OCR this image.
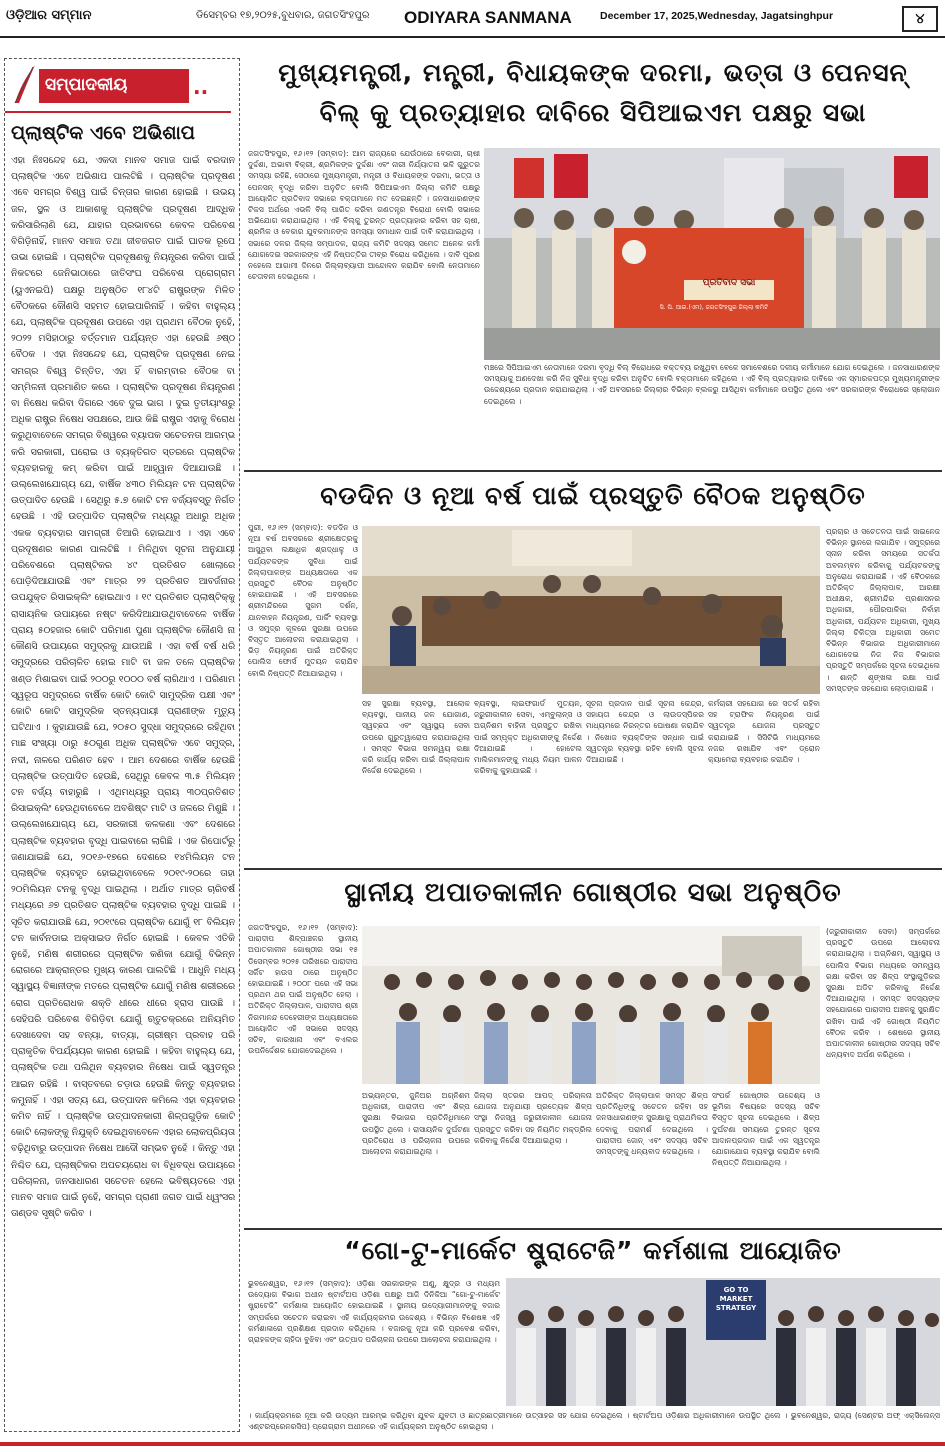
ଓଡ଼ିଆର ସମ୍ମାନ	ଡିସେମ୍ବର ୧୭,୨୦୨୫,ବୁଧବାର, ଜଗତସିଂହପୁର ODIYARA SANMANA	December 17, 2025,Wednesday, Jagatsinghpur	୪
ସମ୍ପାଦକୀୟ	..
ପ୍ଲାଷ୍ଟିକ ଏବେ ଅଭିଶାପ
ଏହା ନିଃସନ୍ଦେହ ଯେ, ଏକଦା ମାନବ ସମାଜ ପାଇଁ ବରଦାନ ପ୍ଲାଷ୍ଟିକ ଏବେ ଅଭିଶାପ ପାଲଟିଛି । ପ୍ଲାଷ୍ଟିକ ପ୍ରଦୂଷଣ ଏବେ ସମଗ୍ର ବିଶ୍ୱ ପାଇଁ ଚିନ୍ତାର କାରଣ ହୋଇଛି । ଉଭୟ ଜଳ, ସ୍ଥଳ ଓ ଆକାଶକୁ ପ୍ଲାଷ୍ଟିକ ପ୍ରଦୂଷଣ ଆଦ୍ଧିକ କରିସାରିଲାଣି ଯେ, ଯାହାର ପ୍ରଭାବରେ କେବଳ ପରିବେଶ ବିଗିଡ଼ିନାହିଁ, ମାନବ ସମାଜ ତଥା ଜୀବଜଗତ ପାଇଁ ଘାତକ ରୂପେ ଉଭା ହୋଇଛି । ପ୍ଲାଷ୍ଟିକ ପ୍ରଦୂଷଣକୁ ନିୟନ୍ତ୍ରଣ କରିବା ପାଇଁ ନିକଟରେ ଜେନିଭାଠାରେ ଜାତିସଂଘ ପରିବେଶ ପ୍ରୋଗ୍ରାମ (ୟୁଏନଇପି) ପକ୍ଷରୁ ଅନୁଷ୍ଠିତ ୧୮୪ଟି ରାଷ୍ଟ୍ରଙ୍କ ମିଳିତ ବୈଠକରେ କୌଣସି ସହମତ ହୋଇପାରିନାହିଁ । କହିବା ବାହୁଲ୍ୟ ଯେ, ପ୍ଲାଷ୍ଟିକ ପ୍ରଦୂଷଣ ଉପରେ ଏହା ପ୍ରଥମ ବୈଠକ ନୁହେଁ, ୨୦୨୨ ମସିହାଠାରୁ ବର୍ତ୍ତମାନ ପର୍ଯ୍ୟନ୍ତ ଏହା ହେଉଛି ୬ଷ୍ଠ ବୈଠକ । ଏହା ନିଃସନ୍ଦେହ ଯେ, ପ୍ଲାଷ୍ଟିକ ପ୍ରଦୂଷଣ ନେଇ ସମଗ୍ର ବିଶ୍ୱ ଚିନ୍ତିତ, ଏହା ହିଁ ବାରମ୍ବାର ବୈଠକ ବା ସମ୍ମିଳନୀ ପ୍ରମାଣିତ କରେ । ପ୍ଲାଷ୍ଟିକ ପ୍ରଦୂଷଣ ନିୟନ୍ତ୍ରଣ ବା ନିଷେଧ କରିବା ଦିଗରେ ଏବେ ଦୁଇ ଭାଗ । ଦୁଇ ତୃତୀୟାଂଶରୁ ଅଧିକ ରାଷ୍ଟ୍ର ନିଷେଧ ସପକ୍ଷରେ, ଆଉ କିଛି ରାଷ୍ଟ୍ର ଏହାକୁ ବିରୋଧ କରୁଥିବାବେଳେ ସମଗ୍ର ବିଶ୍ୱରେ ବ୍ୟାପକ ସଚେତନତା ଆରମ୍ଭ କରି ସରକାରୀ, ଘରୋଇ ଓ ବ୍ୟକ୍ତିଗତ ସ୍ତରରେ ପ୍ଲାଷ୍ଟିକ ବ୍ୟବହାରକୁ କମ୍ କରିବା ପାଇଁ ଆହ୍ୱାନ ଦିଆଯାଉଛି । ଉଲ୍ଲେଖଯୋଗ୍ୟ ଯେ, ବାର୍ଷିକ ୪୩୦ ମିଲିୟନ ଟନ ପ୍ଲାଷ୍ଟିକ ଉତ୍ପାଦିତ ହେଉଛି । ସେଥିରୁ ୫.୭ କୋଟି ଟନ ବର୍ଜ୍ୟବସ୍ତୁ ନିର୍ଗତ ହେଉଛି । ଏହି ଉତ୍ପାଦିତ ପ୍ଲାଷ୍ଟିକ ମଧ୍ୟରୁ ଅଧାରୁ ଅଧିକ ଏକକ ବ୍ୟବହାର ସାମଗ୍ରୀ ତିଆରି ହୋଇଥାଏ । ଏହା ଏବେ ପ୍ରଦୂଷଣର କାରଣ ପାଲଟିଛି । ମିଳିଥିବା ସୂଚନା ଅନୁଯାୟୀ ପରିବେଶରେ ପ୍ଲାଷ୍ଟିକର ୪୯ ପ୍ରତିଶତ ଖୋଲାରେ ପୋଡ଼ିଦିଆଯାଉଛି ଏବଂ ମାତ୍ର ୨୨ ପ୍ରତିଶତ ଆବର୍ଜନାର ଉପଯୁକ୍ତ ରିସାଇକ୍ଲିଂ ହୋଇଥାଏ । ୧୯ ପ୍ରତିଶତ ପ୍ଲାଷ୍ଟିକ୍‌କୁ ରାସାୟନିକ ଉପାୟରେ ନଷ୍ଟ କରିଦିଆଯାଉଥିବାବେଳେ ବାର୍ଷିକ ପ୍ରାୟ ୫୦ହଜାର କୋଟି ପରିମାଣ ପୁଣା ପ୍ଲାଷ୍ଟିକ କୌଣସି ନା କୌଣସି ଉପାୟରେ ସମୁଦ୍ରକୁ ଯାଉଅଛି । ଏହା ବର୍ଷ ବର୍ଷ ଧରି ସମୁଦ୍ରରେ ପରିଚାଳିତ ହୋଇ ମାଟି ବା ଜଳ ତଳେ ପ୍ଲାଷ୍ଟିକ ଖଣ୍ଡ ମିଶାଇବା ପାଇଁ ୨୦୦ରୁ ୧୦୦୦ ବର୍ଷ ଲାଗିଥାଏ । ପରିଣାମ ସ୍ୱରୂପ ସମୁଦ୍ରରେ ବାର୍ଷିକ କୋଟି କୋଟି ସାମୁଦ୍ରିକ ପକ୍ଷୀ ଏବଂ କୋଟି କୋଟି ସାମୁଦ୍ରିକ ସ୍ତନ୍ୟପାୟୀ ପ୍ରାଣୀଙ୍କ ମୃତ୍ୟୁ ଘଟିଥାଏ । କୁହାଯାଉଛି ଯେ, ୨୦୫୦ ସୁଦ୍ଧା ସମୁଦ୍ରରେ ରହିଥିବା ମାଛ ସଂଖ୍ୟା ଠାରୁ ୫୦ଗୁଣ ଅଧିକ ପ୍ଲାଷ୍ଟିକ ଏବେ ସମୁଦ୍ର, ନଦୀ, ନାଳରେ ପରିଣତ ହେବ । ଆମ ଦେଶରେ ବାର୍ଷିକ ହେଉଛି ପ୍ଲାଷ୍ଟିକ ଉତ୍ପାଦିତ ହେଉଛି, ସେଥିରୁ କେବଳ ୩.୫ ମିଲିୟନ ଟନ ବର୍ଜ୍ୟ ବାହାରୁଛି । ଏଥିମଧ୍ୟରୁ ପ୍ରାୟ ୩୦ପ୍ରତିଶତ ରିସାଇକ୍ଲିଂ ହେଉଥିବାବେଳେ ଅବଶିଷ୍ଟ ମାଟି ଓ ଜଳରେ ମିଶୁଛି । ଉଲ୍ଲେଖଯୋଗ୍ୟ ଯେ, ସରକାରୀ କଳକଣା ଏବଂ ଦେଶରେ ପ୍ଲାଷ୍ଟିକ ବ୍ୟବହାର ବୃଦ୍ଧି ପାଇବାରେ ଲାଗିଛି । ଏକ ରିପୋର୍ଟରୁ ଜଣାଯାଇଛି ଯେ, ୨୦୧୬-୧୭ରେ ଦେଶରେ ୧୪ମିଲିୟନ ଟନ ପ୍ଲାଷ୍ଟିକ ବ୍ୟବହୃତ ହୋଇଥିବାବେଳେ ୨୦୧୯-୨୦ରେ ତାହା ୨୦ମିଲିୟନ ଟନକୁ ବୃଦ୍ଧି ପାଇଥିଲା । ଅର୍ଥାତ ମାତ୍ର ଚାରିବର୍ଷ ମଧ୍ୟରେ ୬୭ ପ୍ରତିଶତ ପ୍ଲାଷ୍ଟିକ ବ୍ୟବହାର ବୃଦ୍ଧି ପାଇଛି । ସୂଚିତ କରାଯାଉଛି ଯେ, ୨୦୧୯ରେ ପ୍ଲାଷ୍ଟିକ ଯୋଗୁଁ ୧୮ ବିଲିୟନ ଟନ କାର୍ବନଡାଇ ଅକ୍ସାଇଡ ନିର୍ଗତ ହୋଇଛି । କେବଳ ଏତିକି ନୁହେଁ, ମଣିଷ ଶରୀରରେ ପ୍ଲାଷ୍ଟିକ କଣିକା ଯୋଗୁଁ ବିଭିନ୍ନ ରୋଗରେ ଆକ୍ରାନ୍ତର ମୁଖ୍ୟ କାରଣ ପାଲଟିଛି । ଆଧୁନି ମଧ୍ୟ ସ୍ୱାସ୍ଥ୍ୟ ବିଜ୍ଞାନୀଙ୍କ ମତରେ ପ୍ଲାଷ୍ଟିକ ଯୋଗୁଁ ମଣିଷ ଶରୀରରେ ରୋଗ ପ୍ରତିରୋଧକ ଶକ୍ତି ଧୀରେ ଧୀରେ ହ୍ରାସ ପାଉଛି । ସେହିପରି ପରିବେଶ ବିଗିଡ଼ିବା ଯୋଗୁଁ ଋତୁଚକ୍ରରେ ଅନିୟମିତ ଦେଖାଦେବା ସହ ବନ୍ୟା, ବାତ୍ୟା, ଗ୍ରୀଷ୍ମ ପ୍ରବାହ ପରି ପ୍ରାକୃତିକ ବିପର୍ଯ୍ୟୟର କାରଣ ହୋଇଛି । କହିବା ବାହୁଲ୍ୟ ଯେ, ପ୍ଲାଷ୍ଟିକ ତଥା ପଲିଥିନ ବ୍ୟବହାର ନିଷେଧ ପାଇଁ ସ୍ୱତନ୍ତ୍ର ଆଇନ ରହିଛି । ବାସ୍ତବରେ ଚଡ଼ାଉ ହେଉଛି କିନ୍ତୁ ବ୍ୟବହାର କମୁନାହିଁ । ଏହା ସତ୍ୟ ଯେ, ଉତ୍ପାଦନ କମିଲେ ଏହା ବ୍ୟବହାର କମିବ ନାହିଁ । ପ୍ଲାଷ୍ଟିକ ଉତ୍ପାଦନକାରୀ ଶିଳ୍ପଗୁଡ଼ିକ କୋଟି କୋଟି ଲୋକଙ୍କୁ ନିଯୁକ୍ତି ଦେଇଥିବାବେଳେ ଏହାର ଲୋକପ୍ରିୟତା ବଢ଼ିଥିବାରୁ ଉତ୍ପାଦନ ନିଷେଧ ଆଦୌ ସମ୍ଭବ ନୁହେଁ । କିନ୍ତୁ ଏହା ନିଶ୍ଚିତ ଯେ, ପ୍ଲାଷ୍ଟିକର ଅପଚୟରୋଧ ବା ବିଧିବଦ୍ଧ ଉପାୟରେ ପରିଚାଳନା, ଜନସାଧାରଣ ସଚେତନ ହେଲେ ଭବିଷ୍ୟତରେ ଏହା ମାନବ ସମାଜ ପାଇଁ ନୁହେଁ, ସମଗ୍ର ପ୍ରାଣୀ ଜଗତ ପାଇଁ ଧ୍ୱଂସର ତାଣ୍ଡବ ସୃଷ୍ଟି କରିବ ।
ମୁଖ୍ୟମନ୍ତ୍ରୀ, ମନ୍ତ୍ରୀ, ବିଧାୟକଙ୍କ ଦରମା, ଭତ୍ତା ଓ ପେନସନ୍
ବିଲ୍ କୁ ପ୍ରତ୍ୟାହାର ଦାବିରେ ସିପିଆଇଏମ ପକ୍ଷରୁ ସଭା
ଜଗତସିଂହପୁର, ୧୬।୧୨ (ସମ୍ବାଦ): ଆମ ରାଜ୍ୟରେ ଯେଉଁଠାରେ ବେକାରୀ, ଚାଷୀ ଦୁର୍ଦ୍ଦଶା, ଅଭାବୀ ବିକ୍ରୀ, ଶ୍ରମିକଙ୍କ ଦୁର୍ଦ୍ଦଶା ଏବଂ ନାରୀ ନିର୍ଯ୍ୟାତନା ଭଳି ଗୁରୁତର ସମସ୍ୟା ରହିଛି, ସେଠାରେ ମୁଖ୍ୟମନ୍ତ୍ରୀ, ମନ୍ତ୍ରୀ ଓ ବିଧାୟକଙ୍କ ଦରମା, ଭତ୍ତା ଓ ପେନସନ୍ ବୃଦ୍ଧି କରିବା ଅନୁଚିତ ବୋଲି ସିପିଆଇଏମ ଜିଲ୍ଲା କମିଟି ପକ୍ଷରୁ ଆୟୋଜିତ ପ୍ରତିବାଦ ସଭାରେ ବକ୍ତାମାନେ ମତ ଦେଇଛନ୍ତି । ଜନସାଧାରଣଙ୍କ ଟିକସ ଅର୍ଥରେ ଏଭଳି ବିଲ୍ ପାରିତ କରିବା ଗଣତନ୍ତ୍ର ବିରୋଧୀ ବୋଲି ସଭାରେ ଅଭିଯୋଗ କରାଯାଇଥିଲା । ଏହି ବିଲ୍‌କୁ ତୁରନ୍ତ ପ୍ରତ୍ୟାହାର କରିବା ସହ ଚାଷୀ, ଶ୍ରମିକ ଓ ବେକାର ଯୁବକମାନଙ୍କ ସମସ୍ୟା ସମାଧାନ ପାଇଁ ଦାବି କରାଯାଇଥିଲା । ସଭାରେ ଦଳର ଜିଲ୍ଲା ସମ୍ପାଦକ, ରାଜ୍ୟ କମିଟି ସଦସ୍ୟ ସମେତ ଅନେକ କର୍ମୀ ଯୋଗଦେଇ ସରକାରଙ୍କ ଏହି ନିଷ୍ପତ୍ତିର ତୀବ୍ର ବିରୋଧ କରିଥିଲେ । ଦାବି ପୂରଣ ନହେଲେ ଆଗାମୀ ଦିନରେ ଜିଲ୍ଲାବ୍ୟାପୀ ଆନ୍ଦୋଳନ କରାଯିବ ବୋଲି ନେତାମାନେ ଚେତାବନୀ ଦେଇଥିଲେ ।
ପ୍ରତିବାଦ ସଭା
ସି. ପି. ଆଇ.(ଏମ), ଜଗତସିଂହପୁର ଜିଲ୍ଲା କମିଟି
ମଞ୍ଚରେ ସିପିଆଇଏମ ନେତାମାନେ ଦରମା ବୃଦ୍ଧି ବିଲ୍ ବିରୋଧରେ ବକ୍ତବ୍ୟ ରଖୁଥିବା ବେଳେ ସମାବେଶରେ ଦଳୀୟ କର୍ମୀମାନେ ଯୋଗ ଦେଇଥିଲେ । ଜନସାଧାରଣଙ୍କ ସମସ୍ୟାକୁ ଅଣଦେଖା କରି ନିଜ ସୁବିଧା ବୃଦ୍ଧି କରିବା ଅନୁଚିତ ବୋଲି ବକ୍ତାମାନେ କହିଥିଲେ । ଏହି ବିଲ୍ ପ୍ରତ୍ୟାହାର ଦାବିରେ ଏକ ସ୍ମାରକପତ୍ର ମୁଖ୍ୟମନ୍ତ୍ରୀଙ୍କ ଉଦ୍ଦେଶ୍ୟରେ ପ୍ରଦାନ କରାଯାଇଥିଲା । ଏହି ଅବସରରେ ଜିଲ୍ଲାର ବିଭିନ୍ନ ବ୍ଲକରୁ ଆସିଥିବା କର୍ମୀମାନେ ଉପସ୍ଥିତ ଥିଲେ ଏବଂ ସରକାରଙ୍କ ବିରୋଧରେ ସ୍ଲୋଗାନ ଦେଇଥିଲେ ।
ବଡଦିନ ଓ ନୂଆ ବର୍ଷ ପାଇଁ ପ୍ରସ୍ତୁତି ବୈଠକ ଅନୁଷ୍ଠିତ
ପୁରୀ, ୧୬।୧୨ (ସମ୍ବାଦ): ବଡଦିନ ଓ ନୂଆ ବର୍ଷ ଅବସରରେ ଶ୍ରୀକ୍ଷେତ୍ରକୁ ଆସୁଥିବା ଲକ୍ଷାଧିକ ଶ୍ରଦ୍ଧାଳୁ ଓ ପର୍ଯ୍ୟଟକଙ୍କ ସୁବିଧା ପାଇଁ ଜିଲ୍ଲାପାଳଙ୍କ ଅଧ୍ୟକ୍ଷତାରେ ଏକ ପ୍ରସ୍ତୁତି ବୈଠକ ଅନୁଷ୍ଠିତ ହୋଇଯାଇଛି । ଏହି ଅବସରରେ ଶ୍ରୀମନ୍ଦିରରେ ସୁଗମ ଦର୍ଶନ, ଯାନବାହନ ନିୟନ୍ତ୍ରଣ, ପାର୍କିଂ ବ୍ୟବସ୍ଥା ଓ ସମୁଦ୍ର କୂଳରେ ସୁରକ୍ଷା ଉପରେ ବିସ୍ତୃତ ଆଲୋଚନା କରାଯାଇଥିଲା । ଭିଡ଼ ନିୟନ୍ତ୍ରଣ ପାଇଁ ଅତିରିକ୍ତ ପୋଲିସ ଫୋର୍ସ ମୁତୟନ କରାଯିବ ବୋଲି ନିଷ୍ପତ୍ତି ନିଆଯାଇଥିଲା ।
ସହ ସୁରକ୍ଷା ବ୍ୟବସ୍ଥା, ଆଲୋକ ବ୍ୟବସ୍ଥା, ପାନୀୟ ଜଳ ଯୋଗାଣ, ସ୍ୱଚ୍ଛତା ଏବଂ ସ୍ୱାସ୍ଥ୍ୟ ସେବା ଉପରେ ଗୁରୁତ୍ୱାରୋପ କରାଯାଇଥିଲା । ସମସ୍ତ ବିଭାଗ ସମନ୍ୱୟ ରକ୍ଷା କରି କାର୍ଯ୍ୟ କରିବା ପାଇଁ ଜିଲ୍ଲାପାଳ ନିର୍ଦ୍ଦେଶ ଦେଇଥିଲେ ।
ବ୍ୟବସ୍ଥା, ଲାଇଫଗାର୍ଡ ମୁତୟନ, ଜରୁରୀକାଳୀନ ସେବା, ଏମ୍ବୁଲାନ୍ସ ଓ ଅଗ୍ନିଶମ ବାହିନୀ ପ୍ରସ୍ତୁତ ରଖିବା ପାଇଁ ସମ୍ପୃକ୍ତ ଅଧିକାରୀଙ୍କୁ ନିର୍ଦ୍ଦେଶ ଦିଆଯାଇଛି । ହୋଟେଲ ମାଲିକମାନଙ୍କୁ ମଧ୍ୟ ନିୟମ ପାଳନ କରିବାକୁ କୁହାଯାଇଛି ।
ସୂଚନା ପ୍ରଦାନ ପାଇଁ ସୂଚନା କେନ୍ଦ୍ର, ସହାୟତା କେନ୍ଦ୍ର ଓ ଲାଉଡସ୍ପିକର ମାଧ୍ୟମରେ ନିରନ୍ତର ଘୋଷଣା କରାଯିବ । ନିଖୋଜ ବ୍ୟକ୍ତିଙ୍କ ସନ୍ଧାନ ପାଇଁ ସ୍ୱତନ୍ତ୍ର ବ୍ୟବସ୍ଥା ରହିବ ବୋଲି ସୂଚନା ଦିଆଯାଇଛି ।
କର୍ମଚାରୀ ସହଯୋଗ ରେ ସତର୍କ ରହିବା ସହ ଟ୍ରାଫିକ ନିୟନ୍ତ୍ରଣ ପାଇଁ ସ୍ୱତନ୍ତ୍ର ଯୋଜନା ପ୍ରସ୍ତୁତ କରାଯାଇଛି । ସିସିଟିଭି ମାଧ୍ୟମରେ ନଜର ରଖାଯିବ ଏବଂ ଡ୍ରୋନ କ୍ୟାମେରା ବ୍ୟବହାର କରାଯିବ ।
ପ୍ରଚାର ଓ ସଚେତନତା ପାଇଁ ସାଇନେଜ ବିଭିନ୍ନ ସ୍ଥାନରେ ଲଗାଯିବ । ସମୁଦ୍ରରେ ସ୍ନାନ କରିବା ସମୟରେ ସତର୍କତା ଅବଲମ୍ବନ କରିବାକୁ ପର୍ଯ୍ୟଟକଙ୍କୁ ଅନୁରୋଧ କରାଯାଇଛି । ଏହି ବୈଠକରେ ଅତିରିକ୍ତ ଜିଲ୍ଲାପାଳ, ଆରକ୍ଷୀ ଅଧୀକ୍ଷକ, ଶ୍ରୀମନ୍ଦିର ପ୍ରଶାସନର ଅଧିକାରୀ, ପୌରପାଳିକା ନିର୍ବାହୀ ଅଧିକାରୀ, ପର୍ଯ୍ୟଟନ ଅଧିକାରୀ, ମୁଖ୍ୟ ଜିଲ୍ଲା ଚିକିତ୍ସା ଅଧିକାରୀ ସମେତ ବିଭିନ୍ନ ବିଭାଗର ଅଧିକାରୀମାନେ ଯୋଗଦେଇ ନିଜ ନିଜ ବିଭାଗର ପ୍ରସ୍ତୁତି ସମ୍ପର୍କରେ ସୂଚନା ଦେଇଥିଲେ । ଶାନ୍ତି ଶୃଙ୍ଖଳା ରକ୍ଷା ପାଇଁ ସମସ୍ତଙ୍କ ସହଯୋଗ ଲୋଡ଼ାଯାଇଛି ।
ସ୍ଥାନୀୟ ଅପାତକାଳୀନ ଗୋଷ୍ଠୀର ସଭା ଅନୁଷ୍ଠିତ
ଜଗତସିଂହପୁର, ୧୬।୧୨ (ସମ୍ବାଦ): ପାରାଦୀପ ଶିଳ୍ପାଞ୍ଚଳର ସ୍ଥାନୀୟ ଅପାତକାଳୀନ ଗୋଷ୍ଠୀର ସଭା ୧୫ ଡିସେମ୍ବର ୨୦୨୫ ତାରିଖରେ ପାରାଦୀପ ସର୍କିଟ ହାଉସ ଠାରେ ଅନୁଷ୍ଠିତ ହୋଇଯାଇଛି । ୨୦୦୮ ପରେ ଏହି ସଭା ପ୍ରଥମ ଥର ପାଇଁ ଅନୁଷ୍ଠିତ ହେଲା । ଅତିରିକ୍ତ ଜିଲ୍ଲାପାଳ, ପାରାଦୀପ ଶ୍ରୀ ନିଗମାନନ୍ଦ ଦେହେରୀଙ୍କ ଅଧ୍ୟକ୍ଷତାରେ ଆୟୋଜିତ ଏହି ସଭାରେ ସଦସ୍ୟ ସଚିବ, କାରଖାନା ଏବଂ ବଏଲର ଉପନିର୍ଦ୍ଦେଶକ ଯୋଗଦେଇଥିଲେ ।
ଅଭ୍ୟନ୍ତର, ଜୁନିଅର ଅଗ୍ନିଶମ ଅଧିକାରୀ, ପାରାଦୀପ ଏବଂ ଶିଳ୍ପ ସୁରକ୍ଷା ବିଭାଗର ପ୍ରତିନିଧିମାନେ ଉପସ୍ଥିତ ଥିଲେ । ରାସାୟନିକ ଦୁର୍ଘଟଣା ପ୍ରତିରୋଧ ଓ ପରିଚାଳନା ଉପରେ ଆଲୋଚନା କରାଯାଇଥିଲା ।
ଜିଲ୍ଲା ସ୍ତରର ଆପଦ୍ ପରିଚାଳନା ଯୋଜନା ଅନୁଯାୟୀ ପ୍ରତ୍ୟେକ ଶିଳ୍ପ ସଂସ୍ଥା ନିଜସ୍ୱ ଜରୁରୀକାଳୀନ ଯୋଜନା ପ୍ରସ୍ତୁତ କରିବା ସହ ନିୟମିତ ମକ୍‌ଡ୍ରିଲ କରିବାକୁ ନିର୍ଦ୍ଦେଶ ଦିଆଯାଇଥିଲା ।
ଅତିରିକ୍ତ ଜିଲ୍ଲାପାଳ ସମସ୍ତ ଶିଳ୍ପ ପ୍ରତିନିଧିଙ୍କୁ ସଚେତନ ରହିବା ସହ ଜନସାଧାରଣଙ୍କ ସୁରକ୍ଷାକୁ ପ୍ରାଥମିକତା ଦେବାକୁ ପରାମର୍ଶ ଦେଇଥିଲେ । ପାରାଦୀପ ଜୋନ୍ ଏବଂ ସଦସ୍ୟ ସଚିବ ସମସ୍ତଙ୍କୁ ଧନ୍ୟବାଦ ଦେଇଥିଲେ ।
ସଂପର୍କ ଗୋଷ୍ଠୀର ଉଦ୍ଦେଶ୍ୟ ଓ ଭୂମିକା ବିଷୟରେ ସଦସ୍ୟ ସଚିବ ବିସ୍ତୃତ ସୂଚନା ଦେଇଥିଲେ । ଶିଳ୍ପ ଦୁର୍ଘଟଣା ସମୟରେ ତୁରନ୍ତ ସୂଚନା ଆଦାନପ୍ରଦାନ ପାଇଁ ଏକ ସ୍ୱତନ୍ତ୍ର ଯୋଗାଯୋଗ ବ୍ୟବସ୍ଥା କରାଯିବ ବୋଲି ନିଷ୍ପତ୍ତି ନିଆଯାଇଥିଲା ।
(ଜରୁରୀକାଳୀନ ସେବା) ସମ୍ପର୍କରେ ପ୍ରସ୍ତୁତି ଉପରେ ଆଲୋଚନା କରାଯାଇଥିଲା । ଅଗ୍ନିଶମ, ସ୍ୱାସ୍ଥ୍ୟ ଓ ପୋଲିସ ବିଭାଗ ମଧ୍ୟରେ ସମନ୍ୱୟ ରକ୍ଷା କରିବା ସହ ଶିଳ୍ପ ସଂସ୍ଥାଗୁଡ଼ିକର ସୁରକ୍ଷା ଅଡିଟ କରିବାକୁ ନିର୍ଦ୍ଦେଶ ଦିଆଯାଇଥିଲା । ସମସ୍ତ ସଦସ୍ୟଙ୍କ ସହଯୋଗରେ ପାରାଦୀପ ଅଞ୍ଚଳକୁ ସୁରକ୍ଷିତ ରଖିବା ପାଇଁ ଏହି ଗୋଷ୍ଠୀ ନିୟମିତ ବୈଠକ କରିବ । ଶେଷରେ ସ୍ଥାନୀୟ ଅପାତକାଳୀନ ଗୋଷ୍ଠୀର ସଦସ୍ୟ ସଚିବ ଧନ୍ୟବାଦ ଅର୍ପଣ କରିଥିଲେ ।
“ଗୋ-ଟୁ-ମାର୍କେଟ ଷ୍ଟ୍ରାଟେଜି” କର୍ମଶାଳା ଆୟୋଜିତ
ଭୁବନେଶ୍ୱର, ୧୬।୧୨ (ସମ୍ବାଦ): ଓଡ଼ିଶା ସରକାରଙ୍କ ଅଣୁ, କ୍ଷୁଦ୍ର ଓ ମଧ୍ୟମ ଉଦ୍ୟୋଗ ବିଭାଗ ଅଧୀନ ଷ୍ଟାର୍ଟଅପ ଓଡ଼ିଶା ପକ୍ଷରୁ ଆଜି ଦିନିକିଆ “ଗୋ-ଟୁ-ମାର୍କେଟ ଷ୍ଟ୍ରାଟେଜି” କର୍ମଶାଳା ଆୟୋଜିତ ହୋଇଯାଇଛି । ସ୍ଥାନୀୟ ଉଦ୍ୟୋଗୀମାନଙ୍କୁ ବଜାର ସମ୍ପର୍କରେ ସଚେତନ କରାଇବା ଏହି କାର୍ଯ୍ୟକ୍ରମର ଉଦ୍ଦେଶ୍ୟ । ବିଭିନ୍ନ ବିଶେଷଜ୍ଞ ଏହି କର୍ମଶାଳାରେ ପ୍ରଶିକ୍ଷଣ ପ୍ରଦାନ କରିଥିଲେ । ବଜାରକୁ ନୂଆ କରି ପ୍ରବେଶ କରିବା, ଗ୍ରାହକଙ୍କ ଚାହିଦା ବୁଝିବା ଏବଂ ଉତ୍ପାଦ ପରିଚାଳନା ଉପରେ ଆଲୋଚନା କରାଯାଇଥିଲା ।
GO TO MARKET STRATEGY
। କାର୍ଯ୍ୟକ୍ରମରେ ନୂଆ କରି ଉଦ୍ୟମ ଆରମ୍ଭ କରିଥିବା ଯୁବକ ଯୁବତୀ ଓ ଛାତ୍ରଛାତ୍ରୀମାନେ ଉତ୍ସାହର ସହ ଯୋଗ ଦେଇଥିଲେ । ଷ୍ଟାର୍ଟଅପ ଓଡ଼ିଶାର ଅଧିକାରୀମାନେ ଉପସ୍ଥିତ ଥିଲେ । ଭୁବନେଶ୍ୱର, ରାଜ୍ୟ (ସେଣ୍ଟର ଅଫ୍ ଏକ୍ସିଲେନ୍ସ ଏଣ୍ଟରପ୍ରେନରସିପ) ପ୍ରୋଗ୍ରାମ ଅଧୀନରେ ଏହି କାର୍ଯ୍ୟକ୍ରମ ଅନୁଷ୍ଠିତ ହୋଇଥିଲା ।
